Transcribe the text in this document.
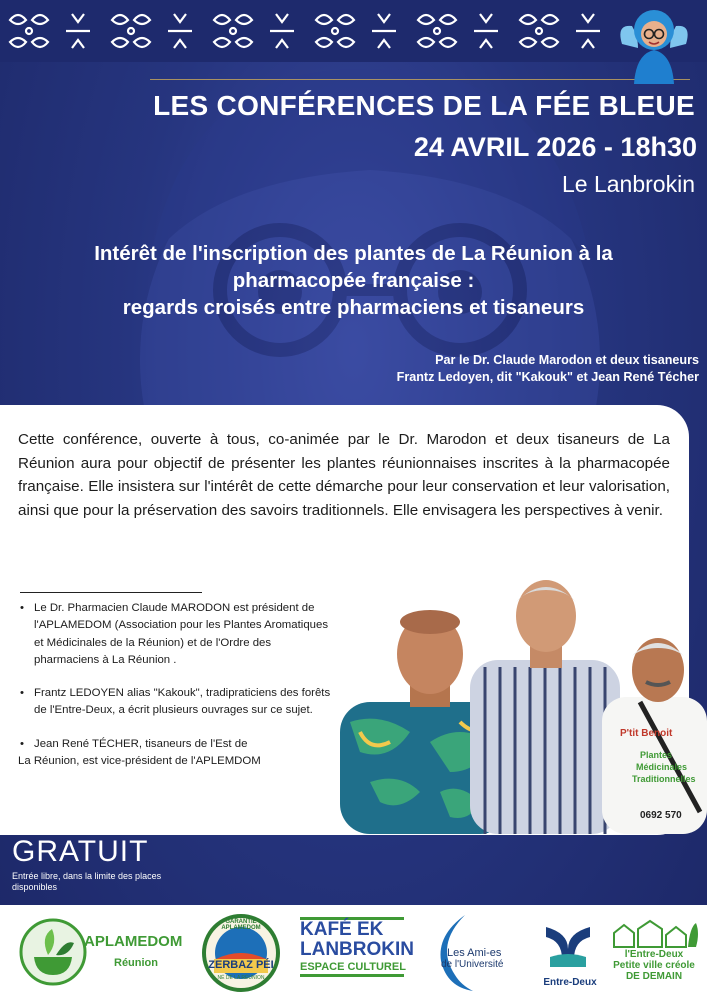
LES CONFÉRENCES DE LA FÉE BLEUE
24 AVRIL 2026 - 18h30
Le Lanbrokin
Intérêt de l'inscription des plantes de La Réunion à la
pharmacopée française :
regards croisés entre pharmaciens et tisaneurs
Par le Dr. Claude Marodon et deux tisaneurs
Frantz Ledoyen, dit "Kakouk" et Jean René Técher

Cette conférence, ouverte à tous, co-animée par le Dr. Marodon et deux tisaneurs de La Réunion aura pour objectif de présenter les plantes réunionnaises inscrites à la pharmacopée française. Elle insistera sur l'intérêt de cette démarche pour leur conservation et leur valorisation, ainsi que pour la préservation des savoirs traditionnels. Elle envisagera les perspectives à venir.

• Le Dr. Pharmacien Claude MARODON est président de l'APLAMEDOM (Association pour les Plantes Aromatiques et Médicinales de la Réunion) et de l'Ordre des pharmaciens à La Réunion .
• Frantz LEDOYEN alias "Kakouk", tradipraticiens des forêts de l'Entre-Deux, a écrit plusieurs ouvrages sur ce sujet.
• Jean René TÉCHER, tisaneurs de l'Est de
La Réunion, est vice-président de l'APLEMDOM
P'tit Benoit
Plantes
Médicinales
Traditionnelles
0692 570
GRATUIT
Entrée libre, dans la limite des places disponibles
APLAMEDOM
Réunion
GARANTIE APLAMEDOM
ZERBAZ PÉI
NÉ DE LA RÉUNION
KAFÉ EK
LANBROKIN
ESPACE CULTUREL
Les Ami-es
de l'Université
Entre-Deux
l'Entre-Deux
Petite ville créole
DE DEMAIN
